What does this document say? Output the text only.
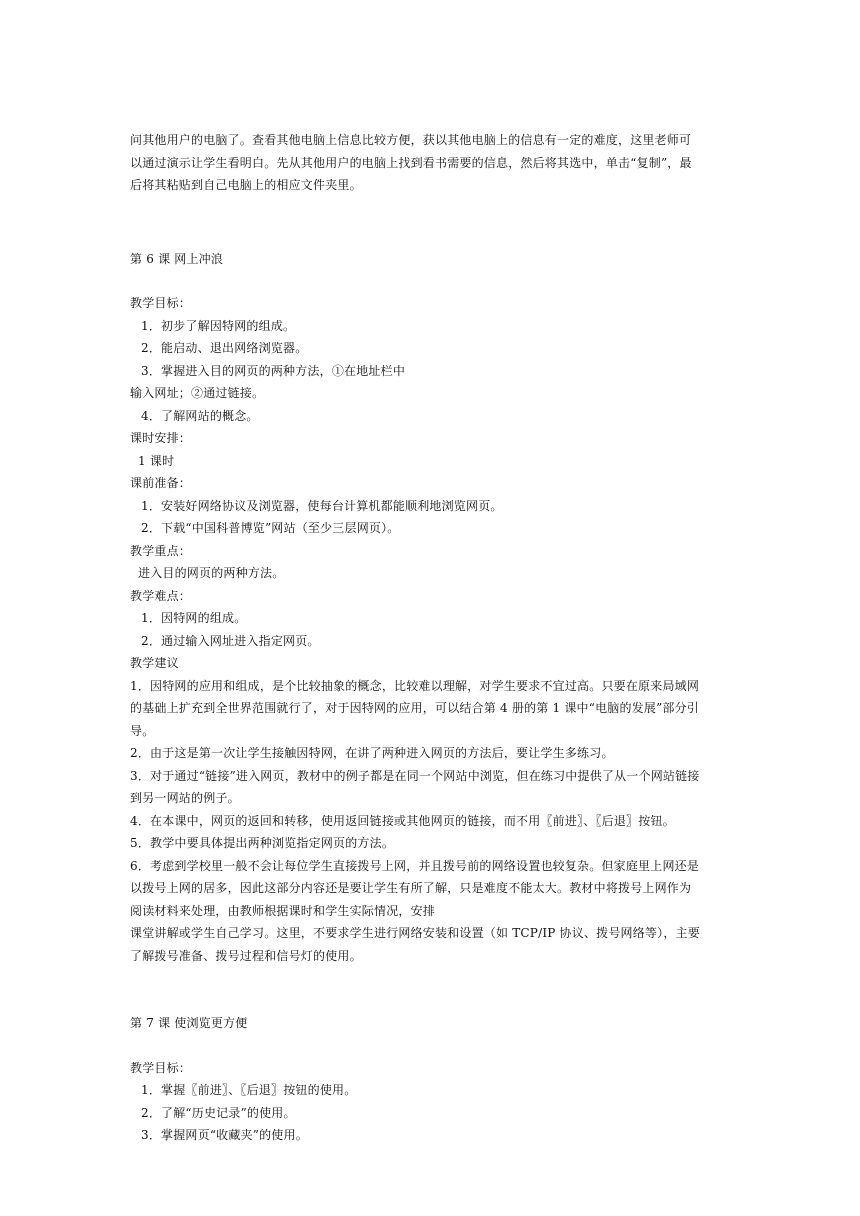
问其他用户的电脑了。查看其他电脑上信息比较方便，获以其他电脑上的信息有一定的难度，这里老师可

以通过演示让学生看明白。先从其他用户的电脑上找到看书需要的信息，然后将其选中，单击“复制”，最

后将其粘贴到自己电脑上的相应文件夹里。

第 6 课 网上冲浪

教学目标：

1．初步了解因特网的组成。

2．能启动、退出网络浏览器。

3．掌握进入目的网页的两种方法，①在地址栏中

输入网址；②通过链接。

4．了解网站的概念。

课时安排：

1 课时

课前准备：

1．安装好网络协议及浏览器，使每台计算机都能顺利地浏览网页。

2．下载“中国科普博览”网站（至少三层网页）。

教学重点：

进入目的网页的两种方法。

教学难点：

1．因特网的组成。

2．通过输入网址进入指定网页。

教学建议

1．因特网的应用和组成，是个比较抽象的概念，比较难以理解，对学生要求不宜过高。只要在原来局域网

的基础上扩充到全世界范围就行了，对于因特网的应用，可以结合第 4 册的第 1 课中“电脑的发展”部分引

导。

2．由于这是第一次让学生接触因特网，在讲了两种进入网页的方法后，要让学生多练习。

3．对于通过“链接”进入网页，教材中的例子都是在同一个网站中浏览，但在练习中提供了从一个网站链接

到另一网站的例子。

4．在本课中，网页的返回和转移，使用返回链接或其他网页的链接，而不用〖前进〗、〖后退〗按钮。

5．教学中要具体提出两种浏览指定网页的方法。

6．考虑到学校里一般不会让每位学生直接拨号上网，并且拨号前的网络设置也较复杂。但家庭里上网还是

以拨号上网的居多，因此这部分内容还是要让学生有所了解，只是难度不能太大。教材中将拨号上网作为

阅读材料来处理，由教师根据课时和学生实际情况，安排

课堂讲解或学生自己学习。这里，不要求学生进行网络安装和设置（如 TCP/IP 协议、拨号网络等），主要

了解拨号准备、拨号过程和信号灯的使用。

第 7 课 使浏览更方便

教学目标：

1．掌握〖前进〗、〖后退〗按钮的使用。

2．了解“历史记录”的使用。

3．掌握网页“收藏夹”的使用。
